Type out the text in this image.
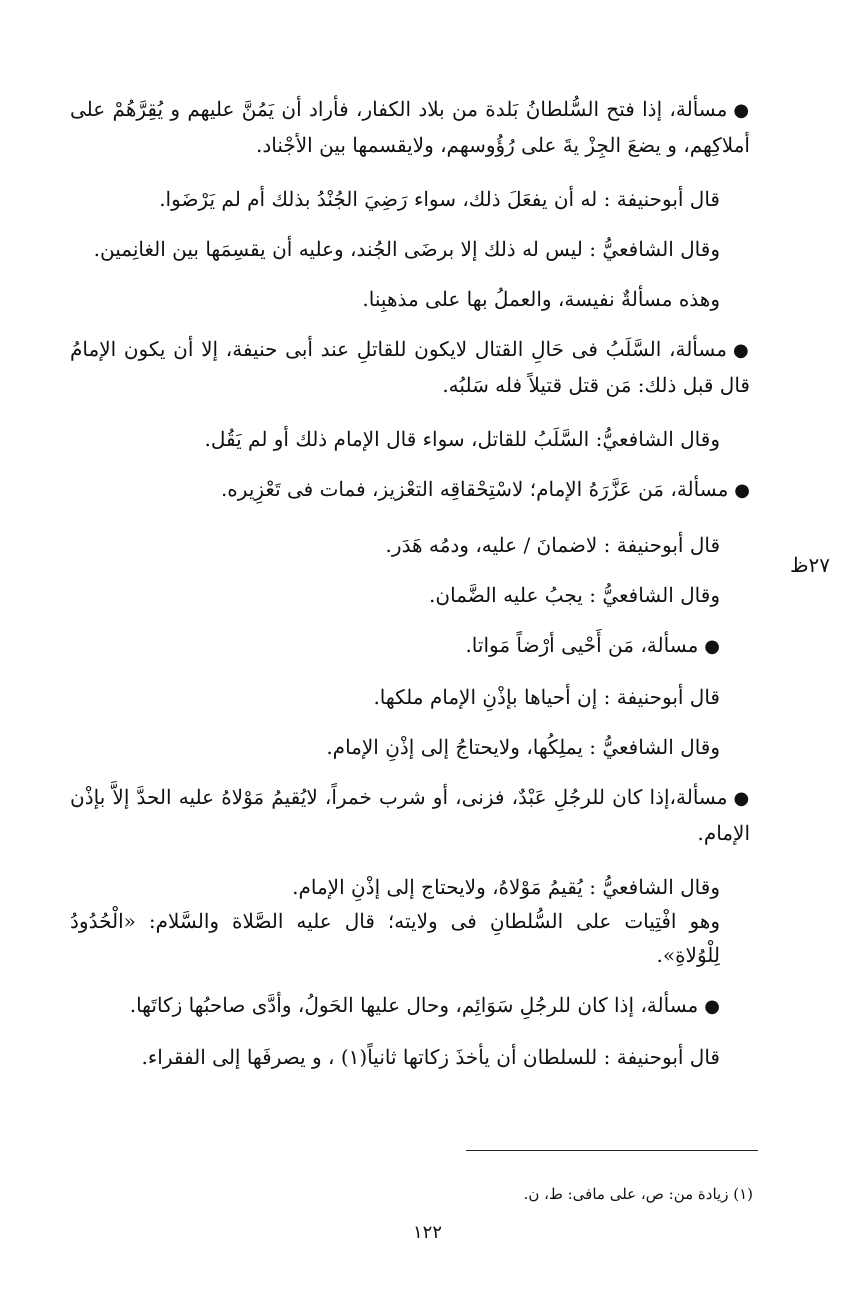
●مسألة، إذا فتح السُّلطانُ بَلدة من بلاد الكفار، فأراد أن يَمُنَّ عليهم و يُقِرَّهُمْ على أملاكِهم، و يضعَ الجِزْ يةَ على رُؤُوسهم، ولايقسمها بين الأجْناد.

قال أبوحنيفة : له أن يفعَلَ ذلك، سواء رَضِيَ الجُنْدُ بذلك أم لم يَرْضَوا.

وقال الشافعيُّ : ليس له ذلك إلا برضَى الجُند، وعليه أن يقسِمَها بين الغانِمين.

وهذه مسألةٌ نفيسة، والعملُ بها على مذهبِنا.

●مسألة، السَّلَبُ فى حَالِ القتال لايكون للقاتلِ عند أبى حنيفة، إلا أن يكون الإمامُ قال قبل ذلك: مَن قتل قتيلاً فله سَلبُه.

وقال الشافعيُّ: السَّلَبُ للقاتل، سواء قال الإمام ذلك أو لم يَقُل.

●مسألة، مَن عَزَّرَهُ الإمام؛ لاسْتِحْقاقِه التعْزيز، فمات فى تَعْزِيره.

قال أبوحنيفة : لاضمانَ / عليه، ودمُه هَدَر.

وقال الشافعيُّ : يجبُ عليه الضَّمان.

●مسألة، مَن أَحْيى أرْضاً مَواتا.

قال أبوحنيفة : إن أحياها بإذْنِ الإمام ملكها.

وقال الشافعيُّ : يملِكُها، ولايحتاجُ إلى إذْنِ الإمام.

●مسألة،إذا كان للرجُلِ عَبْدٌ، فزنى، أو شرب خمراً، لايُقيمُ مَوْلاهُ عليه الحدَّ إلاَّ بإذْن الإمام.

وقال الشافعيُّ : يُقيمُ مَوْلاهُ، ولايحتاج إلى إذْنِ الإمام.

وهو افْتِيات على السُّلطانِ فى ولايته؛ قال عليه الصَّلاة والسَّلام: «الْحُدُودُ لِلْوُلاةِ».

●مسألة، إذا كان للرجُلِ سَوَائِم، وحال عليها الحَولُ، وأدَّى صاحبُها زكاتَها.

قال أبوحنيفة : للسلطان أن يأخذَ زكاتها ثانياً(١) ، و يصرفَها إلى الفقراء.

٢٧ظ
(١) زيادة من: ص، على مافى: ط، ن.
١٢٢
